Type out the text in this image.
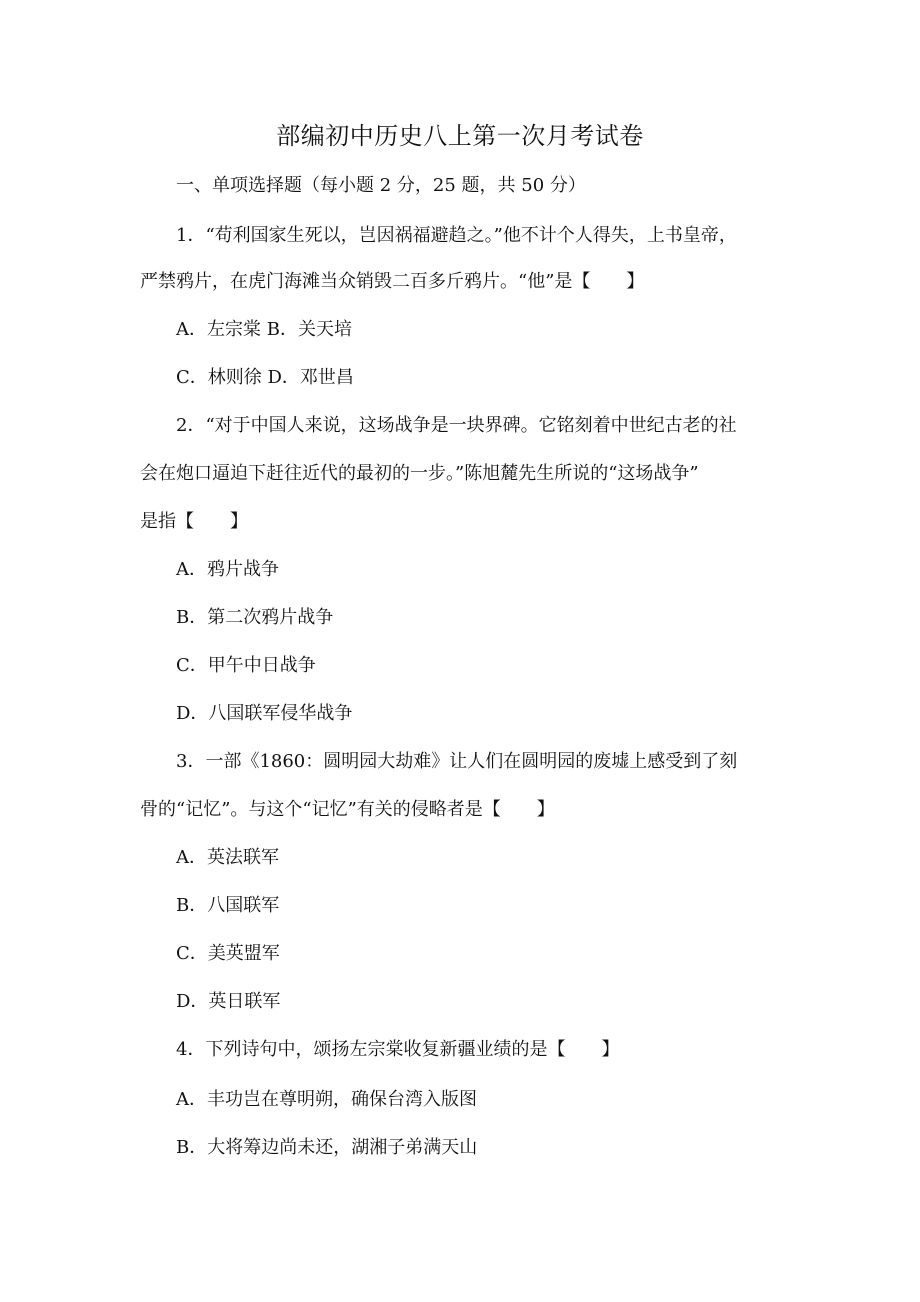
部编初中历史八上第一次月考试卷
一、单项选择题（每小题 2 分，25 题，共 50 分）
1．“苟利国家生死以，岂因祸福避趋之。”他不计个人得失，上书皇帝，
严禁鸦片，在虎门海滩当众销毁二百多斤鸦片。“他”是【　　】
A．左宗棠 B．关天培
C．林则徐 D．邓世昌
2．“对于中国人来说，这场战争是一块界碑。它铭刻着中世纪古老的社
会在炮口逼迫下赶往近代的最初的一步。”陈旭麓先生所说的“这场战争”
是指【　　】
A．鸦片战争
B．第二次鸦片战争
C．甲午中日战争
D．八国联军侵华战争
3．一部《1860：圆明园大劫难》让人们在圆明园的废墟上感受到了刻
骨的“记忆”。与这个“记忆”有关的侵略者是【　　】
A．英法联军
B．八国联军
C．美英盟军
D．英日联军
4．下列诗句中，颂扬左宗棠收复新疆业绩的是【　　】
A．丰功岂在尊明朔，确保台湾入版图
B．大将筹边尚未还，湖湘子弟满天山
